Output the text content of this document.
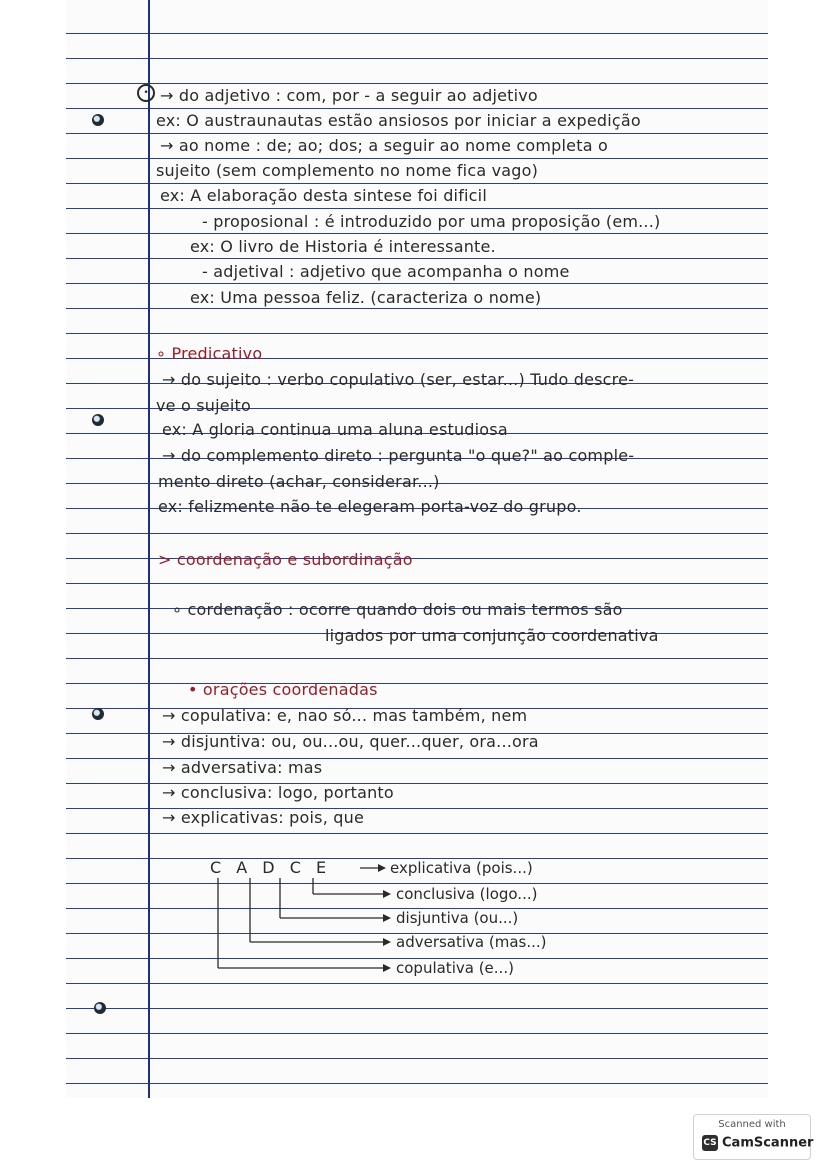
• → do adjetivo : com, por - a seguir ao adjetivo
ex: O austraunautas estão ansiosos por iniciar a expedição
→ ao nome : de; ao; dos; a seguir ao nome completa o
sujeito (sem complemento no nome fica vago)
ex: A elaboração desta sintese foi dificil
- proposional : é introduzido por uma proposição (em...)
ex: O livro de Historia é interessante.
- adjetival : adjetivo que acompanha o nome
ex: Uma pessoa feliz. (caracteriza o nome)
∘ Predicativo
→ do sujeito : verbo copulativo (ser, estar...) Tudo descre-
ve o sujeito
ex: A gloria continua uma aluna estudiosa
→ do complemento direto : pergunta "o que?" ao comple-
mento direto (achar, considerar...)
ex: felizmente não te elegeram porta-voz do grupo.
> coordenação e subordinação
∘ cordenação : ocorre quando dois ou mais termos são
ligados por uma conjunção coordenativa
• orações coordenadas
→ copulativa: e, nao só... mas também, nem
→ disjuntiva: ou, ou...ou, quer...quer, ora...ora
→ adversativa: mas
→ conclusiva: logo, portanto
→ explicativas: pois, que
C A D C E	explicativa (pois...)
conclusiva (logo...)
disjuntiva (ou...)
adversativa (mas...)
copulativa (e...)
Scanned with
CS CamScanner
